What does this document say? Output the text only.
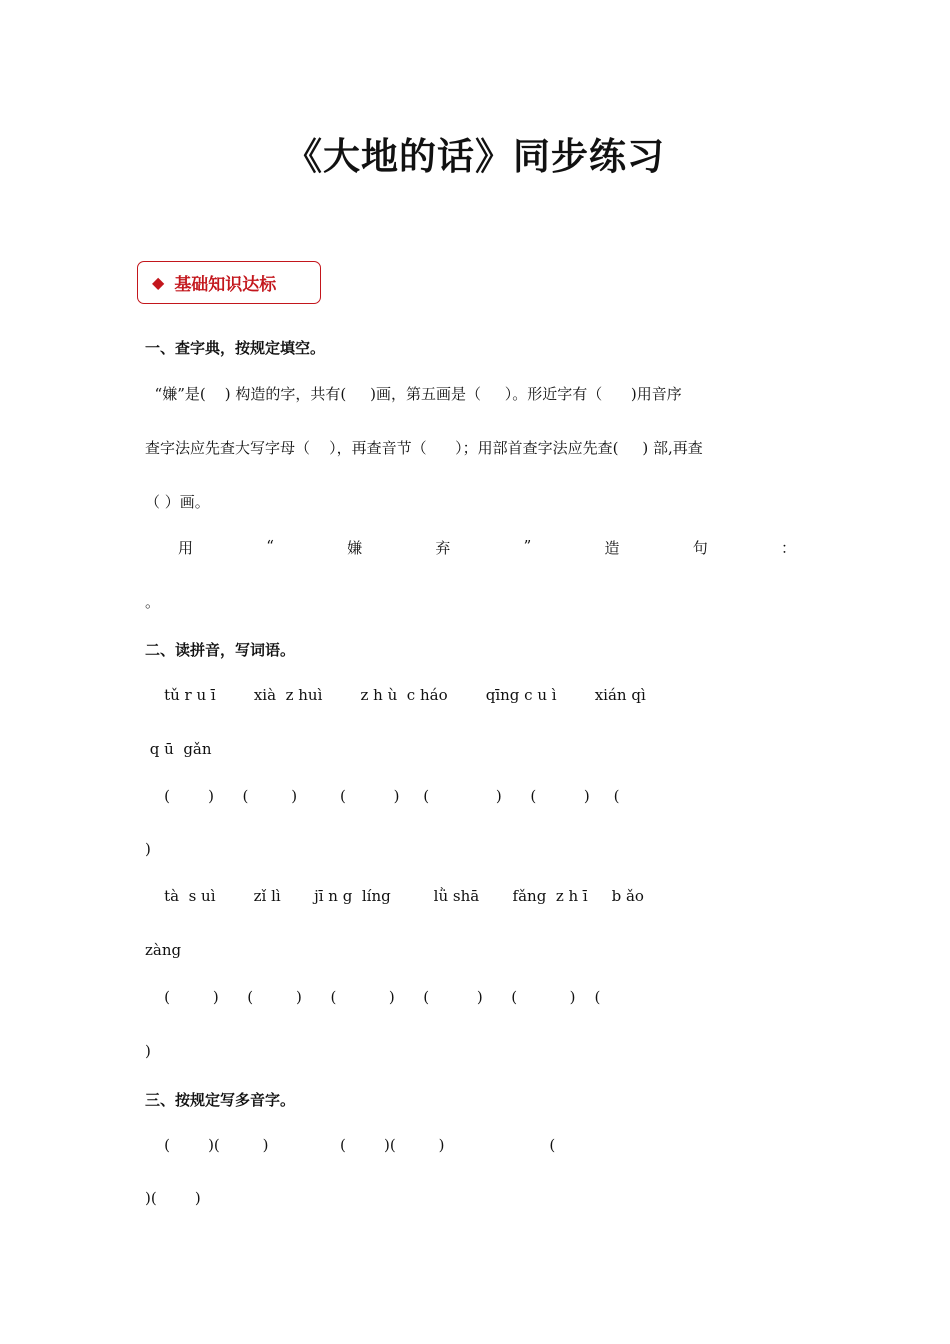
《大地的话》同步练习
◆ 基础知识达标
一、查字典，按规定填空。
“嫌”是(    ) 构造的字，共有(     )画，第五画是（     ）。形近字有（      )用音序
查字法应先查大写字母（    ），再查音节（      ）；用部首查字法应先查(     ) 部,再查
（ ）画。
用	“	嫌	弃	”	造	句	：
。
二、读拼音，写词语。
tǔ r u ī        xià  z huì        z h ù  c háo        qīng c u ì        xián qì
q ū  gǎn
(        )      (         )         (          )     (              )      (          )     (
)
tà  s uì        zǐ lì       jī n g  líng         lǜ shā       fǎng  z h ī     b ǎo
zàng
(         )      (         )      (           )      (          )      (           )    (
)
三、按规定写多音字。
(        )(         )               (        )(         )                      (
)(        )
